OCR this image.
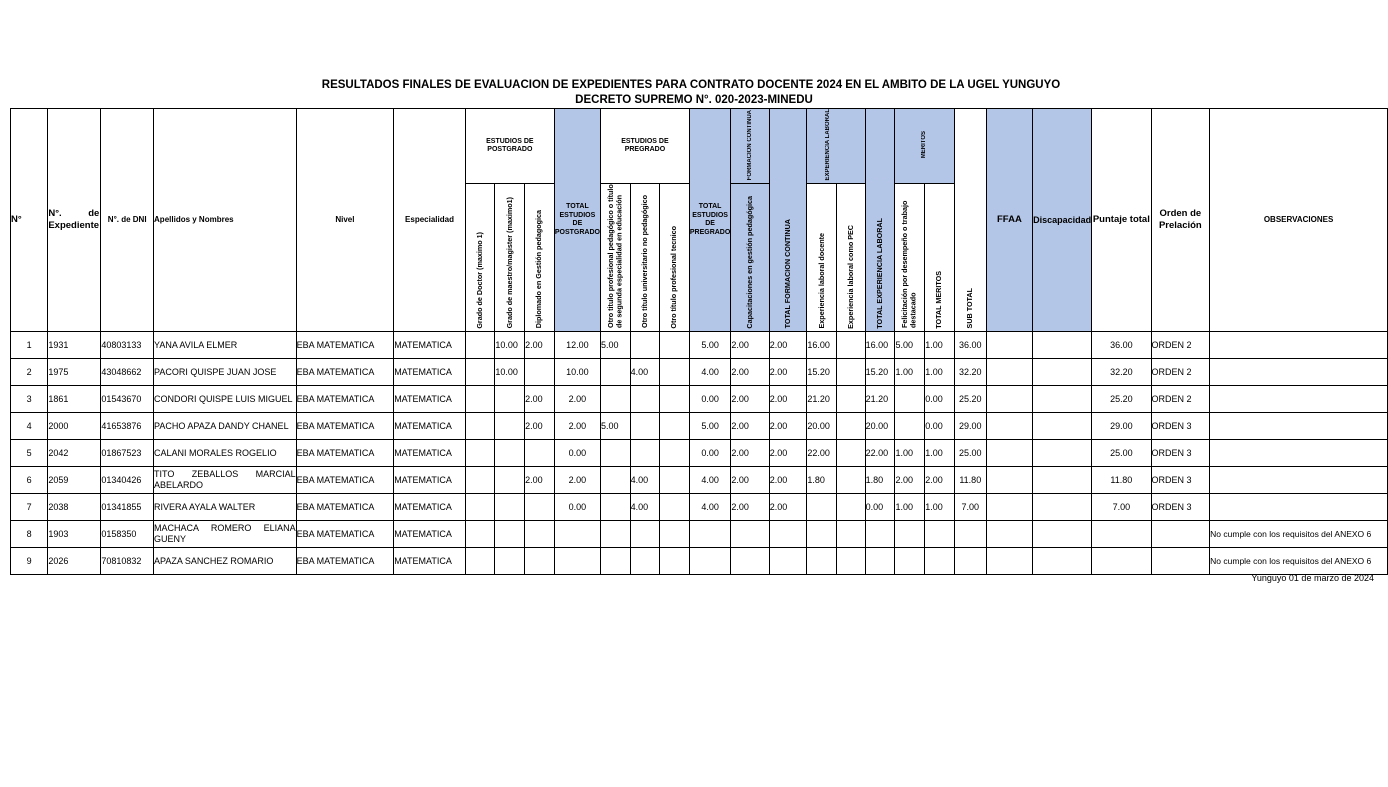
RESULTADOS FINALES DE EVALUACION DE EXPEDIENTES PARA CONTRATO DOCENTE 2024 EN EL AMBITO DE LA UGEL YUNGUYO
DECRETO SUPREMO N°. 020-2023-MINEDU
N°	N°. de Expediente	N°. de DNI	Apellidos y Nombres	Nivel	Especialidad	ESTUDIOS DE POSTGRADO			TOTAL ESTUDIOS DE POSTGRADO	ESTUDIOS DE PREGRADO			TOTAL ESTUDIOS DE PREGRADO	FORMACION CONTINUA	TOTAL FORMACION CONTINUA	EXPERIENCIA LABORAL		TOTAL EXPERIENCIA LABORAL	MERITOS		SUB TOTAL	FFAA	Discapacidad	Puntaje total	Orden de Prelación	OBSERVACIONES
						Grado de Doctor (maximo 1)	Grado de maestro/magister (maximo1)	Diplomado en Gestión pedagogica		Otro titulo profesional pedagógico o título de segunda especialidad en educación	Otro título universitario no pedagógico	Otro título profesional tecnico		Capacitaciones en gestión pedagógica		Experiencia laboral docente	Experiencia laboral como PEC		Felicitación por desempeño o trabajo destacado	TOTAL MERITOS						
1	1931	40803133	YANA AVILA ELMER	EBA MATEMATICA	MATEMATICA		10.00	2.00	12.00	5.00			5.00	2.00	2.00	16.00		16.00	5.00	1.00	36.00			36.00	ORDEN 2	
2	1975	43048662	PACORI QUISPE JUAN JOSE	EBA MATEMATICA	MATEMATICA		10.00		10.00		4.00		4.00	2.00	2.00	15.20		15.20	1.00	1.00	32.20			32.20	ORDEN 2	
3	1861	01543670	CONDORI QUISPE LUIS MIGUEL	EBA MATEMATICA	MATEMATICA			2.00	2.00				0.00	2.00	2.00	21.20		21.20		0.00	25.20			25.20	ORDEN 2	
4	2000	41653876	PACHO APAZA DANDY CHANEL	EBA MATEMATICA	MATEMATICA			2.00	2.00	5.00			5.00	2.00	2.00	20.00		20.00		0.00	29.00			29.00	ORDEN 3	
5	2042	01867523	CALANI MORALES ROGELIO	EBA MATEMATICA	MATEMATICA				0.00				0.00	2.00	2.00	22.00		22.00	1.00	1.00	25.00			25.00	ORDEN 3	
6	2059	01340426	TITO ZEBALLOS MARCIAL ABELARDO	EBA MATEMATICA	MATEMATICA			2.00	2.00		4.00		4.00	2.00	2.00	1.80		1.80	2.00	2.00	11.80			11.80	ORDEN 3	
7	2038	01341855	RIVERA AYALA WALTER	EBA MATEMATICA	MATEMATICA				0.00		4.00		4.00	2.00	2.00			0.00	1.00	1.00	7.00			7.00	ORDEN 3	
8	1903	0158350	MACHACA ROMERO ELIANA GUENY	EBA MATEMATICA	MATEMATICA																					No cumple con los requisitos del ANEXO 6
9	2026	70810832	APAZA SANCHEZ ROMARIO	EBA MATEMATICA	MATEMATICA																					No cumple con los requisitos del ANEXO 6
Yunguyo 01 de marzo de 2024
